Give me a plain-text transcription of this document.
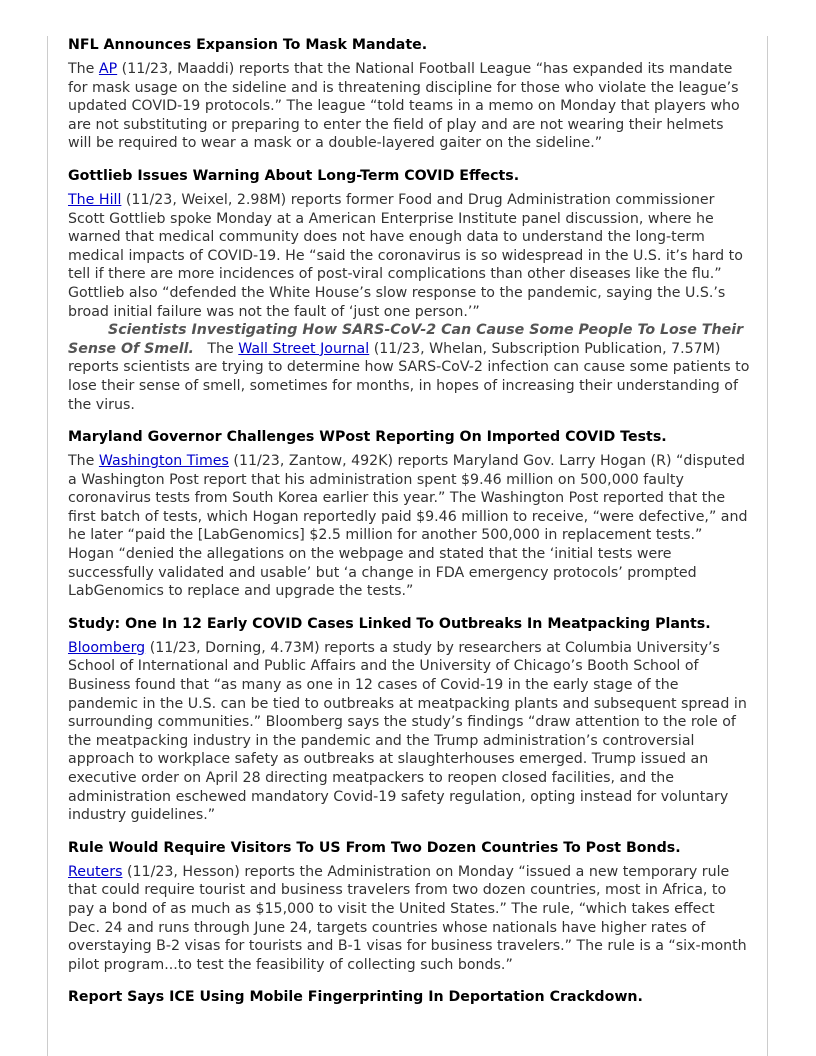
NFL Announces Expansion To Mask Mandate.

The AP (11/23, Maaddi) reports that the National Football League “has expanded its mandate for mask usage on the sideline and is threatening discipline for those who violate the league’s updated COVID-19 protocols.” The league “told teams in a memo on Monday that players who are not substituting or preparing to enter the field of play and are not wearing their helmets will be required to wear a mask or a double-layered gaiter on the sideline.”

Gottlieb Issues Warning About Long-Term COVID Effects.

The Hill (11/23, Weixel, 2.98M) reports former Food and Drug Administration commissioner Scott Gottlieb spoke Monday at a American Enterprise Institute panel discussion, where he warned that medical community does not have enough data to understand the long-term medical impacts of COVID-19. He “said the coronavirus is so widespread in the U.S. it’s hard to tell if there are more incidences of post-viral complications than other diseases like the flu.” Gottlieb also “defended the White House’s slow response to the pandemic, saying the U.S.’s broad initial failure was not the fault of ‘just one person.’”
Scientists Investigating How SARS-CoV-2 Can Cause Some People To Lose Their Sense Of Smell.   The Wall Street Journal (11/23, Whelan, Subscription Publication, 7.57M) reports scientists are trying to determine how SARS-CoV-2 infection can cause some patients to lose their sense of smell, sometimes for months, in hopes of increasing their understanding of the virus.

Maryland Governor Challenges WPost Reporting On Imported COVID Tests.

The Washington Times (11/23, Zantow, 492K) reports Maryland Gov. Larry Hogan (R) “disputed a Washington Post report that his administration spent $9.46 million on 500,000 faulty coronavirus tests from South Korea earlier this year.” The Washington Post reported that the first batch of tests, which Hogan reportedly paid $9.46 million to receive, “were defective,” and he later “paid the [LabGenomics] $2.5 million for another 500,000 in replacement tests.” Hogan “denied the allegations on the webpage and stated that the ‘initial tests were successfully validated and usable’ but ‘a change in FDA emergency protocols’ prompted LabGenomics to replace and upgrade the tests.”

Study: One In 12 Early COVID Cases Linked To Outbreaks In Meatpacking Plants.

Bloomberg (11/23, Dorning, 4.73M) reports a study by researchers at Columbia University’s School of International and Public Affairs and the University of Chicago’s Booth School of Business found that “as many as one in 12 cases of Covid-19 in the early stage of the pandemic in the U.S. can be tied to outbreaks at meatpacking plants and subsequent spread in surrounding communities.” Bloomberg says the study’s findings “draw attention to the role of the meatpacking industry in the pandemic and the Trump administration’s controversial approach to workplace safety as outbreaks at slaughterhouses emerged. Trump issued an executive order on April 28 directing meatpackers to reopen closed facilities, and the administration eschewed mandatory Covid-19 safety regulation, opting instead for voluntary industry guidelines.”

Rule Would Require Visitors To US From Two Dozen Countries To Post Bonds.

Reuters (11/23, Hesson) reports the Administration on Monday “issued a new temporary rule that could require tourist and business travelers from two dozen countries, most in Africa, to pay a bond of as much as $15,000 to visit the United States.” The rule, “which takes effect Dec. 24 and runs through June 24, targets countries whose nationals have higher rates of overstaying B-2 visas for tourists and B-1 visas for business travelers.” The rule is a “six-month pilot program...to test the feasibility of collecting such bonds.”

Report Says ICE Using Mobile Fingerprinting In Deportation Crackdown.
